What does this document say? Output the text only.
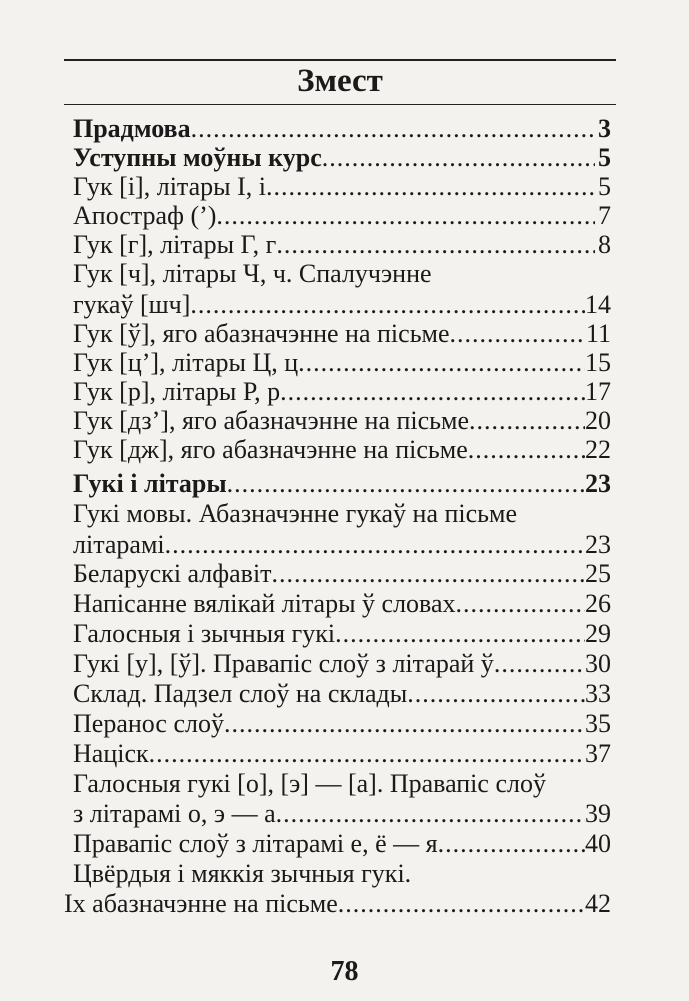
Змест
Прадмова .....	3
Уступны моўны курс .....	5
Гук [і], літары І, і .....	5
Апостраф (’) .....	7
Гук [г], літары Г, г .....	8
Гук [ч], літары Ч, ч. Спалучэнне
гукаў [шч] .....	14
Гук [ў], яго абазначэнне на пісьме .....	11
Гук [ц’], літары Ц, ц .....	15
Гук [р], літары Р, р .....	17
Гук [дз’], яго абазначэнне на пісьме .....	20
Гук [дж], яго абазначэнне на пісьме .....	22
Гукі і літары .....	23
Гукі мовы. Абазначэнне гукаў на пісьме
літарамі .....	23
Беларускі алфавіт .....	25
Напісанне вялікай літары ў словах .....	26
Галосныя і зычныя гукі .....	29
Гукі [у], [ў]. Правапіс слоў з літарай ў .....	30
Склад. Падзел слоў на склады .....	33
Перанос слоў .....	35
Націск .....	37
Галосныя гукі [о], [э] — [а]. Правапіс слоў
з літарамі о, э — а .....	39
Правапіс слоў з літарамі е, ё — я .....	40
Цвёрдыя і мяккія зычныя гукі.
Іх абазначэнне на пісьме .....	42
78
